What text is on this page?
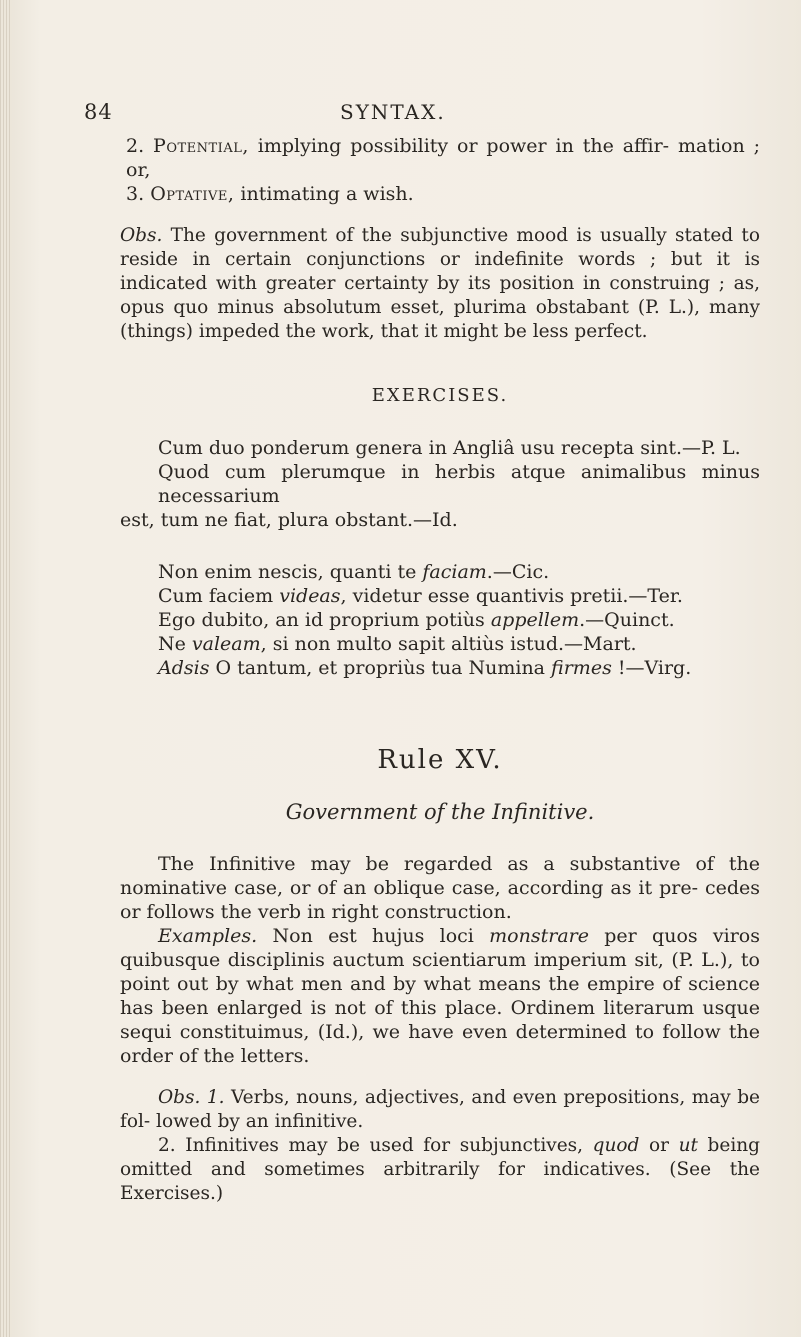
84	SYNTAX.

2. Potential, implying possibility or power in the affir- mation ; or,

3. Optative, intimating a wish.

Obs. The government of the subjunctive mood is usually stated to reside in certain conjunctions or indefinite words ; but it is indicated with greater certainty by its position in construing ; as, opus quo minus absolutum esset, plurima obstabant (P. L.), many (things) impeded the work, that it might be less perfect.

EXERCISES.

Cum duo ponderum genera in Angliâ usu recepta sint.—P. L.

Quod cum plerumque in herbis atque animalibus minus necessarium

est, tum ne fiat, plura obstant.—Id.

Non enim nescis, quanti te faciam.—Cic.

Cum faciem videas, videtur esse quantivis pretii.—Ter.

Ego dubito, an id proprium potiùs appellem.—Quinct.

Ne valeam, si non multo sapit altiùs istud.—Mart.

Adsis O tantum, et propriùs tua Numina firmes !—Virg.

Rule XV.
Government of the Infinitive.

The Infinitive may be regarded as a substantive of the nominative case, or of an oblique case, according as it pre- cedes or follows the verb in right construction.

Examples. Non est hujus loci monstrare per quos viros quibusque disciplinis auctum scientiarum imperium sit, (P. L.), to point out by what men and by what means the empire of science has been enlarged is not of this place. Ordinem literarum usque sequi constituimus, (Id.), we have even determined to follow the order of the letters.

Obs. 1. Verbs, nouns, adjectives, and even prepositions, may be fol- lowed by an infinitive.

2. Infinitives may be used for subjunctives, quod or ut being omitted and sometimes arbitrarily for indicatives. (See the Exercises.)
